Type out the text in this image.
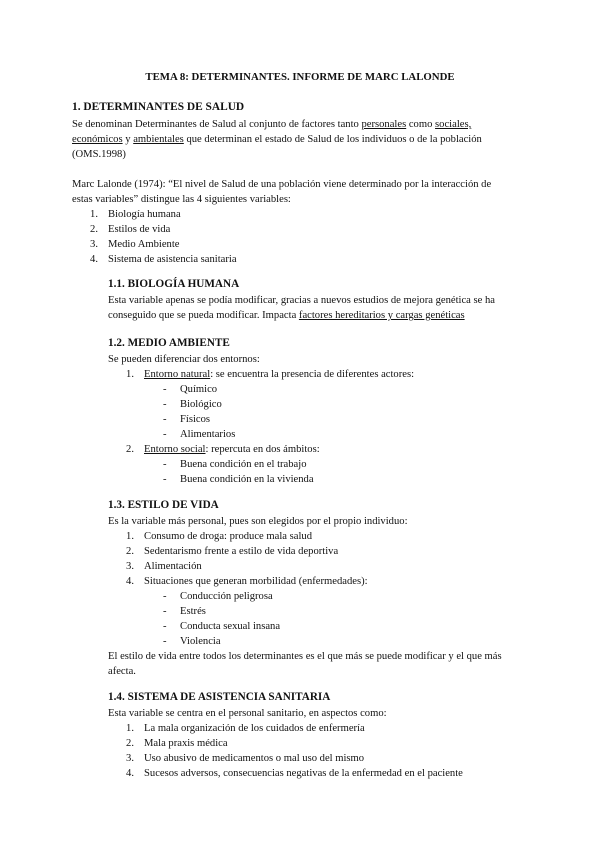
TEMA 8: DETERMINANTES. INFORME DE MARC LALONDE
1. DETERMINANTES DE SALUD
Se denominan Determinantes de Salud al conjunto de factores tanto personales como sociales,
económicos y ambientales que determinan el estado de Salud de los individuos o de la población
(OMS.1998)
Marc Lalonde (1974): “El nivel de Salud de una población viene determinado por la interacción de
estas variables” distingue las 4 siguientes variables:
1. Biología humana
2. Estilos de vida
3. Medio Ambiente
4. Sistema de asistencia sanitaria
1.1. BIOLOGÍA HUMANA
Esta variable apenas se podía modificar, gracias a nuevos estudios de mejora genética se ha
conseguido que se pueda modificar. Impacta factores hereditarios y cargas genéticas
1.2. MEDIO AMBIENTE
Se pueden diferenciar dos entornos:
1. Entorno natural: se encuentra la presencia de diferentes actores:
-	Químico
-	Biológico
-	Físicos
-	Alimentarios
2. Entorno social: repercuta en dos ámbitos:
-	Buena condición en el trabajo
-	Buena condición en la vivienda
1.3. ESTILO DE VIDA
Es la variable más personal, pues son elegidos por el propio individuo:
1. Consumo de droga: produce mala salud
2. Sedentarismo frente a estilo de vida deportiva
3. Alimentación
4. Situaciones que generan morbilidad (enfermedades):
-	Conducción peligrosa
-	Estrés
-	Conducta sexual insana
-	Violencia
El estilo de vida entre todos los determinantes es el que más se puede modificar y el que más
afecta.
1.4. SISTEMA DE ASISTENCIA SANITARIA
Esta variable se centra en el personal sanitario, en aspectos como:
1. La mala organización de los cuidados de enfermería
2. Mala praxis médica
3. Uso abusivo de medicamentos o mal uso del mismo
4. Sucesos adversos, consecuencias negativas de la enfermedad en el paciente
